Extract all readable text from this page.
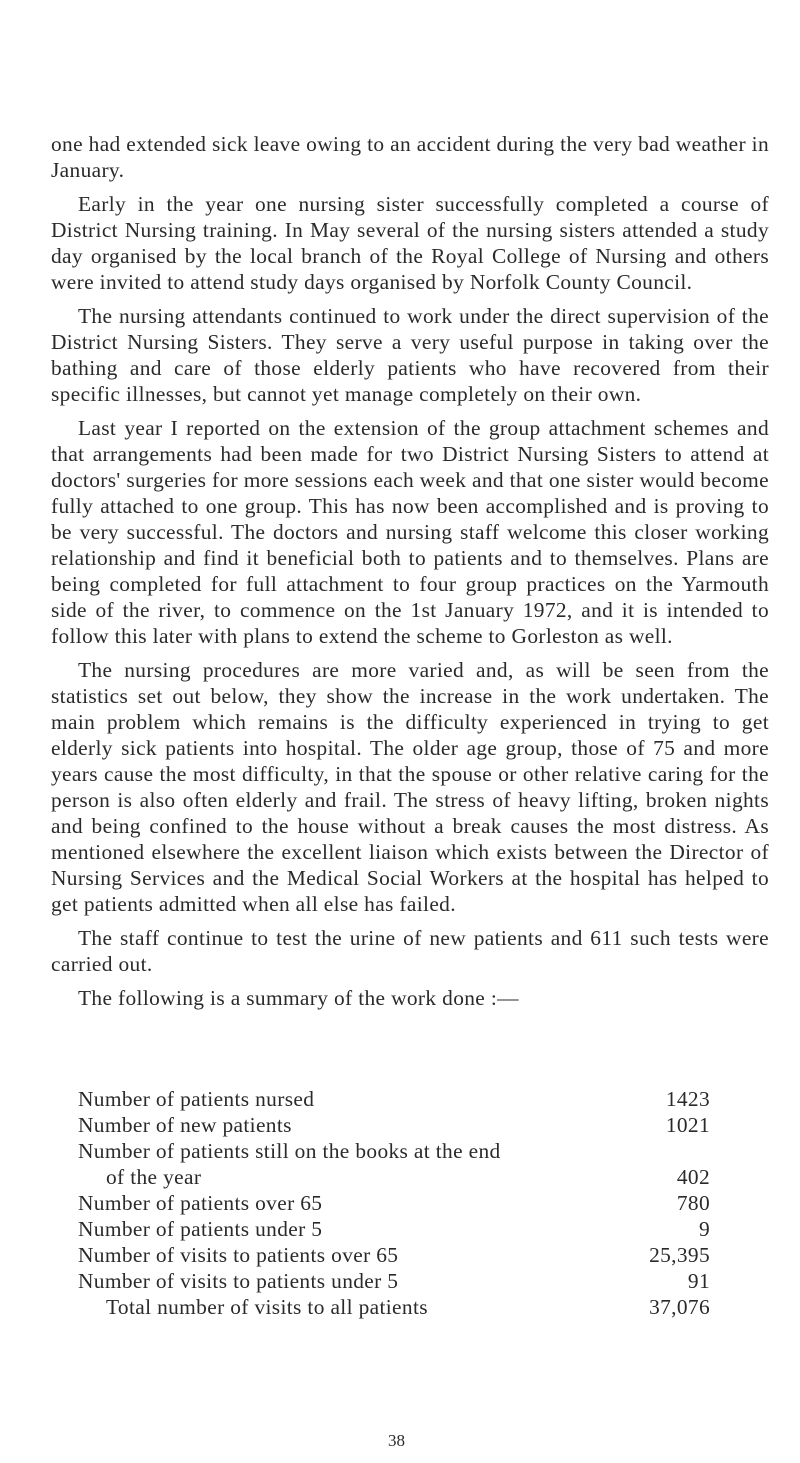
one had extended sick leave owing to an accident during the very bad weather in January.

Early in the year one nursing sister successfully completed a course of District Nursing training. In May several of the nursing sisters attended a study day organised by the local branch of the Royal College of Nursing and others were invited to attend study days organised by Norfolk County Council.

The nursing attendants continued to work under the direct supervision of the District Nursing Sisters. They serve a very useful purpose in taking over the bathing and care of those elderly patients who have recovered from their specific illnesses, but cannot yet manage completely on their own.

Last year I reported on the extension of the group attachment schemes and that arrangements had been made for two District Nursing Sisters to attend at doctors' surgeries for more sessions each week and that one sister would become fully attached to one group. This has now been accomplished and is proving to be very successful. The doctors and nursing staff welcome this closer working relationship and find it beneficial both to patients and to themselves. Plans are being completed for full attachment to four group practices on the Yarmouth side of the river, to commence on the 1st January 1972, and it is intended to follow this later with plans to extend the scheme to Gorleston as well.

The nursing procedures are more varied and, as will be seen from the statistics set out below, they show the increase in the work undertaken. The main problem which remains is the difficulty experienced in trying to get elderly sick patients into hospital. The older age group, those of 75 and more years cause the most difficulty, in that the spouse or other relative caring for the person is also often elderly and frail. The stress of heavy lifting, broken nights and being confined to the house without a break causes the most distress. As mentioned elsewhere the excellent liaison which exists between the Director of Nursing Services and the Medical Social Workers at the hospital has helped to get patients admitted when all else has failed.

The staff continue to test the urine of new patients and 611 such tests were carried out.

The following is a summary of the work done :—
Number of patients nursed	1423
Number of new patients	1021
Number of patients still on the books at the end
of the year	402
Number of patients over 65	780
Number of patients under 5	9
Number of visits to patients over 65	25,395
Number of visits to patients under 5	91
Total number of visits to all patients	37,076
38
